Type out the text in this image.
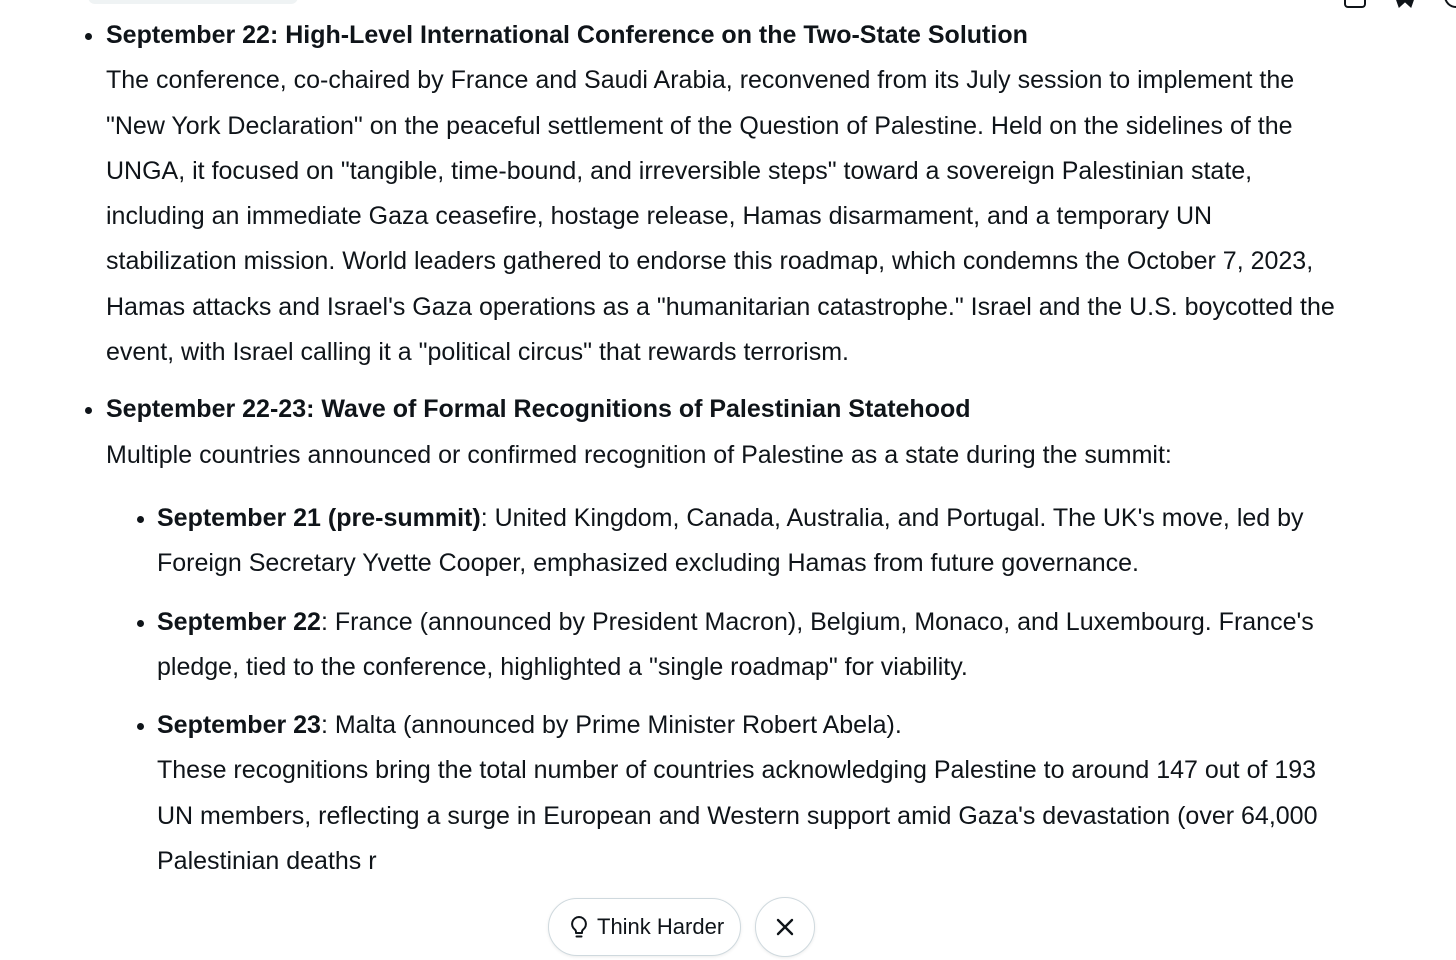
September 22: High-Level International Conference on the Two-State Solution
The conference, co-chaired by France and Saudi Arabia, reconvened from its July session to implement the "New York Declaration" on the peaceful settlement of the Question of Palestine. Held on the sidelines of the UNGA, it focused on "tangible, time-bound, and irreversible steps" toward a sovereign Palestinian state, including an immediate Gaza ceasefire, hostage release, Hamas disarmament, and a temporary UN stabilization mission. World leaders gathered to endorse this roadmap, which condemns the October 7, 2023, Hamas attacks and Israel's Gaza operations as a "humanitarian catastrophe." Israel and the U.S. boycotted the event, with Israel calling it a "political circus" that rewards terrorism.
September 22-23: Wave of Formal Recognitions of Palestinian Statehood
Multiple countries announced or confirmed recognition of Palestine as a state during the summit:
September 21 (pre-summit): United Kingdom, Canada, Australia, and Portugal. The UK's move, led by Foreign Secretary Yvette Cooper, emphasized excluding Hamas from future governance.
September 22: France (announced by President Macron), Belgium, Monaco, and Luxembourg. France's pledge, tied to the conference, highlighted a "single roadmap" for viability.
September 23: Malta (announced by Prime Minister Robert Abela).
These recognitions bring the total number of countries acknowledging Palestine to around 147 out of 193 UN members, reflecting a surge in European and Western support amid Gaza's devastation (over 64,000 Palestinian deaths r
Think Harder
